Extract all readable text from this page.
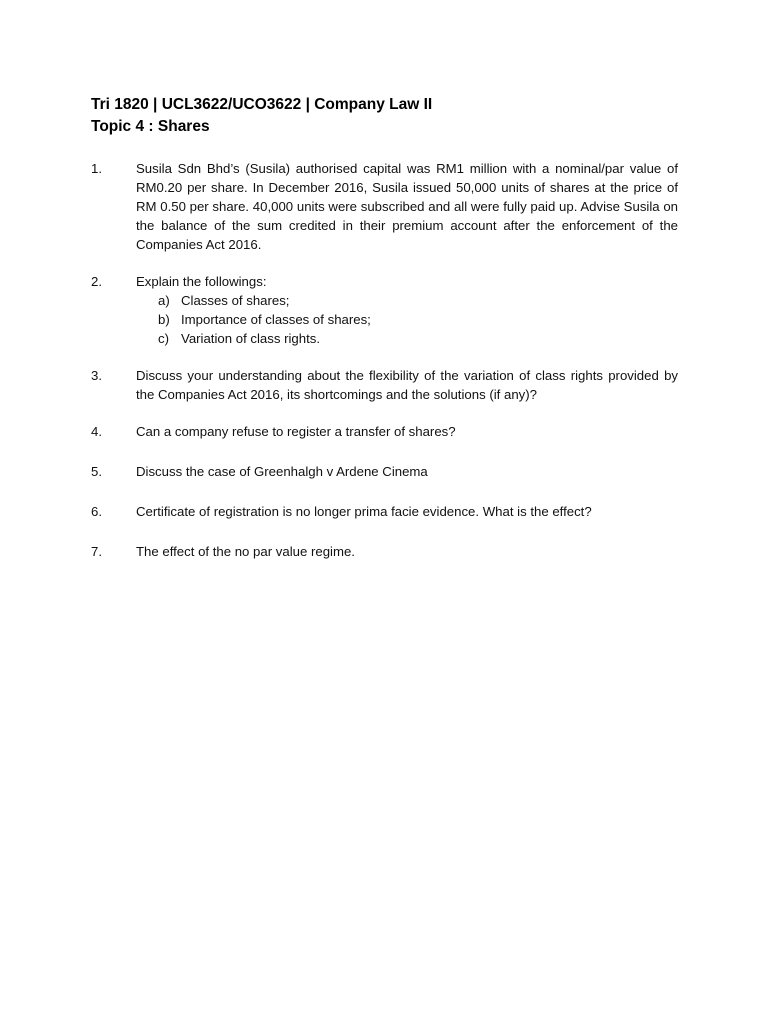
Tri 1820 | UCL3622/UCO3622 | Company Law II
Topic 4 : Shares
1.	Susila Sdn Bhd’s (Susila) authorised capital was RM1 million with a nominal/par value of RM0.20 per share. In December 2016, Susila issued 50,000 units of shares at the price of RM 0.50 per share. 40,000 units were subscribed and all were fully paid up. Advise Susila on the balance of the sum credited in their premium account after the enforcement of the Companies Act 2016.
2.	Explain the followings:
a) Classes of shares;
b) Importance of classes of shares;
c) Variation of class rights.
3.	Discuss your understanding about the flexibility of the variation of class rights provided by the Companies Act 2016, its shortcomings and the solutions (if any)?
4.	Can a company refuse to register a transfer of shares?
5.	Discuss the case of Greenhalgh v Ardene Cinema
6.	Certificate of registration is no longer prima facie evidence. What is the effect?
7.	The effect of the no par value regime.
